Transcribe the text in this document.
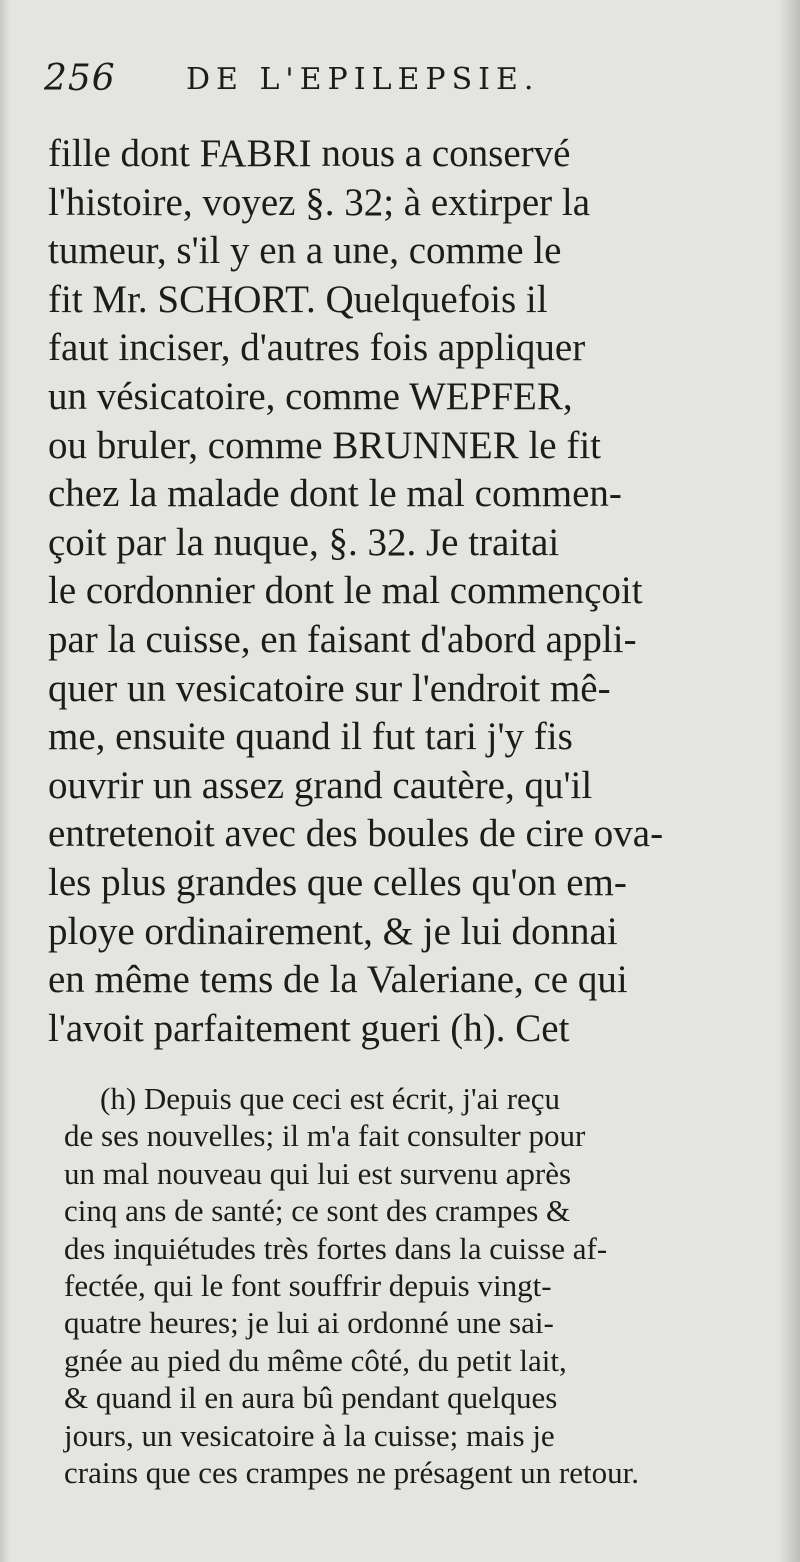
256 DE L'EPILEPSIE.
fille dont FABRI nous a conservé
l'histoire, voyez §. 32; à extirper la
tumeur, s'il y en a une, comme le
fit Mr. SCHORT. Quelquefois il
faut inciser, d'autres fois appliquer
un vésicatoire, comme WEPFER,
ou bruler, comme BRUNNER le fit
chez la malade dont le mal commen-
çoit par la nuque, §. 32. Je traitai
le cordonnier dont le mal commençoit
par la cuisse, en faisant d'abord appli-
quer un vesicatoire sur l'endroit mê-
me, ensuite quand il fut tari j'y fis
ouvrir un assez grand cautère, qu'il
entretenoit avec des boules de cire ova-
les plus grandes que celles qu'on em-
ploye ordinairement, & je lui donnai
en même tems de la Valeriane, ce qui
l'avoit parfaitement gueri (h). Cet
(h) Depuis que ceci est écrit, j'ai reçu
de ses nouvelles; il m'a fait consulter pour
un mal nouveau qui lui est survenu après
cinq ans de santé; ce sont des crampes &
des inquiétudes très fortes dans la cuisse af-
fectée, qui le font souffrir depuis vingt-
quatre heures; je lui ai ordonné une sai-
gnée au pied du même côté, du petit lait,
& quand il en aura bû pendant quelques
jours, un vesicatoire à la cuisse; mais je
crains que ces crampes ne présagent un retour.
